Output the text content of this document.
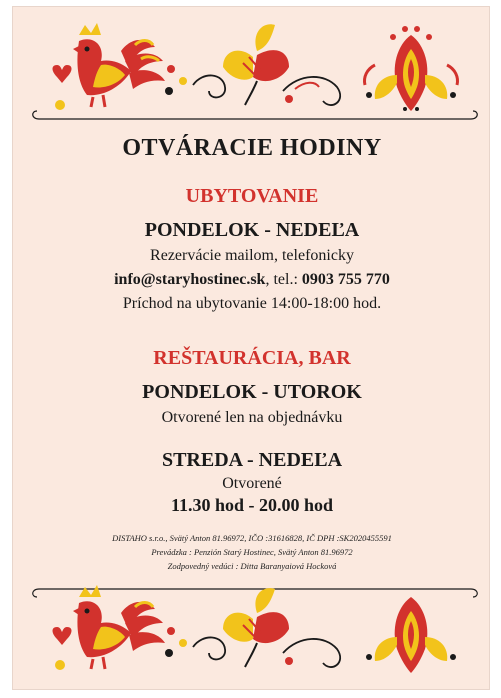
OTVÁRACIE HODINY
UBYTOVANIE
PONDELOK - NEDEĽA
Rezervácie mailom, telefonicky
info@staryhostinec.sk, tel.: 0903 755 770
Príchod na ubytovanie 14:00-18:00 hod.
REŠTAURÁCIA, BAR
PONDELOK - UTOROK
Otvorené len na objednávku
STREDA - NEDEĽA
Otvorené
11.30 hod - 20.00 hod
DISTAHO s.r.o., Svätý Anton 81.96972, IČO :31616828, IČ DPH :SK2020455591
Prevádzka : Penzión Starý Hostinec, Svätý Anton 81.96972
Zodpovedný vedúci : Ditta Baranyaiová Hocková
